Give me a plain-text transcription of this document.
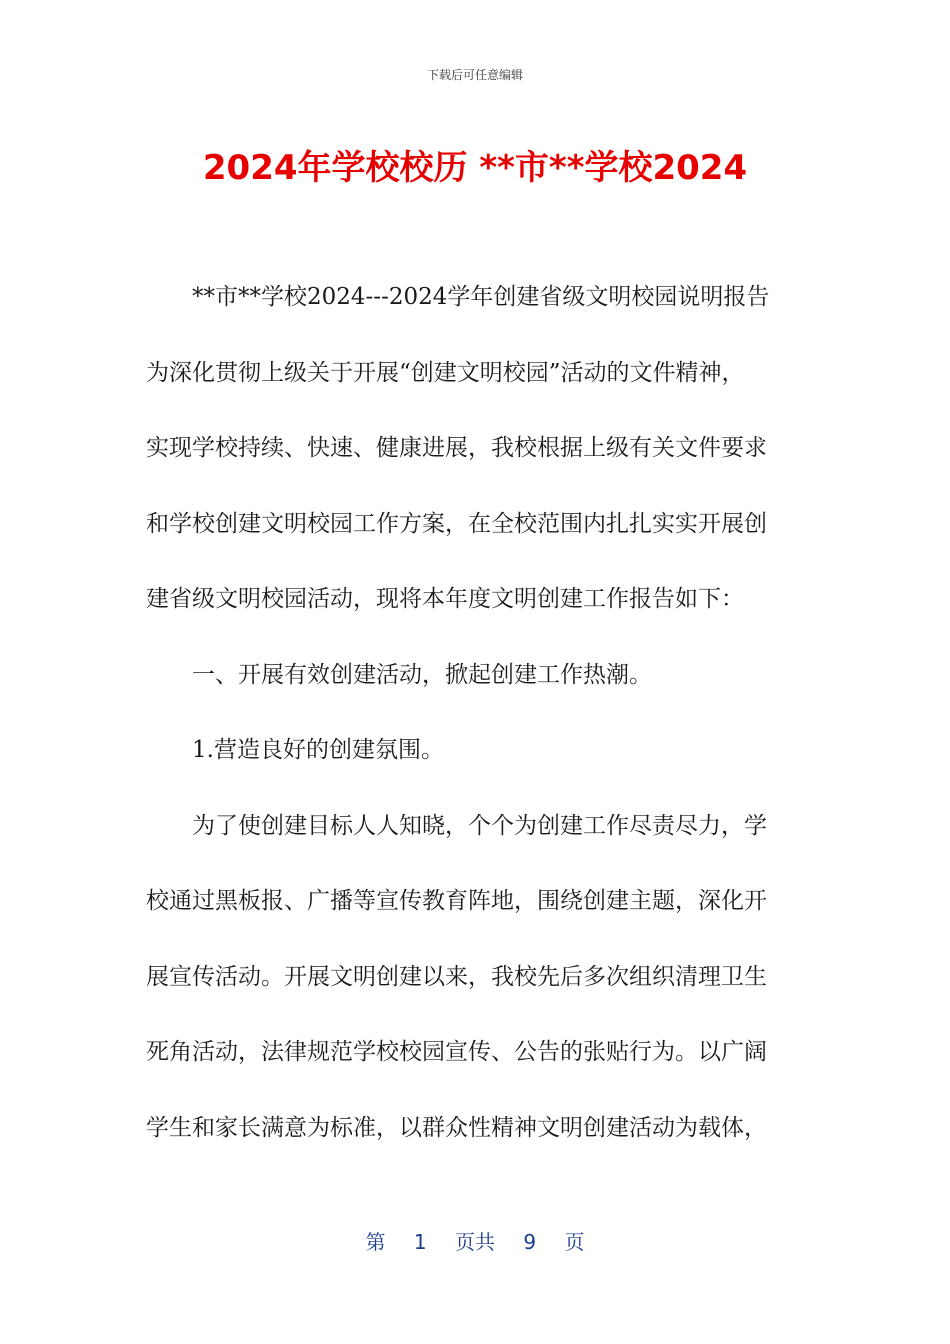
下载后可任意编辑
2024年学校校历 **市**学校2024
**市**学校2024---2024学年创建省级文明校园说明报告
为深化贯彻上级关于开展“创建文明校园”活动的文件精神，
实现学校持续、快速、健康进展，我校根据上级有关文件要求
和学校创建文明校园工作方案，在全校范围内扎扎实实开展创
建省级文明校园活动，现将本年度文明创建工作报告如下：
一、开展有效创建活动，掀起创建工作热潮。
1.营造良好的创建氛围。
为了使创建目标人人知晓，个个为创建工作尽责尽力，学
校通过黑板报、广播等宣传教育阵地，围绕创建主题，深化开
展宣传活动。开展文明创建以来，我校先后多次组织清理卫生
死角活动，法律规范学校校园宣传、公告的张贴行为。以广阔
学生和家长满意为标准，以群众性精神文明创建活动为载体，
第 1 页共 9 页
